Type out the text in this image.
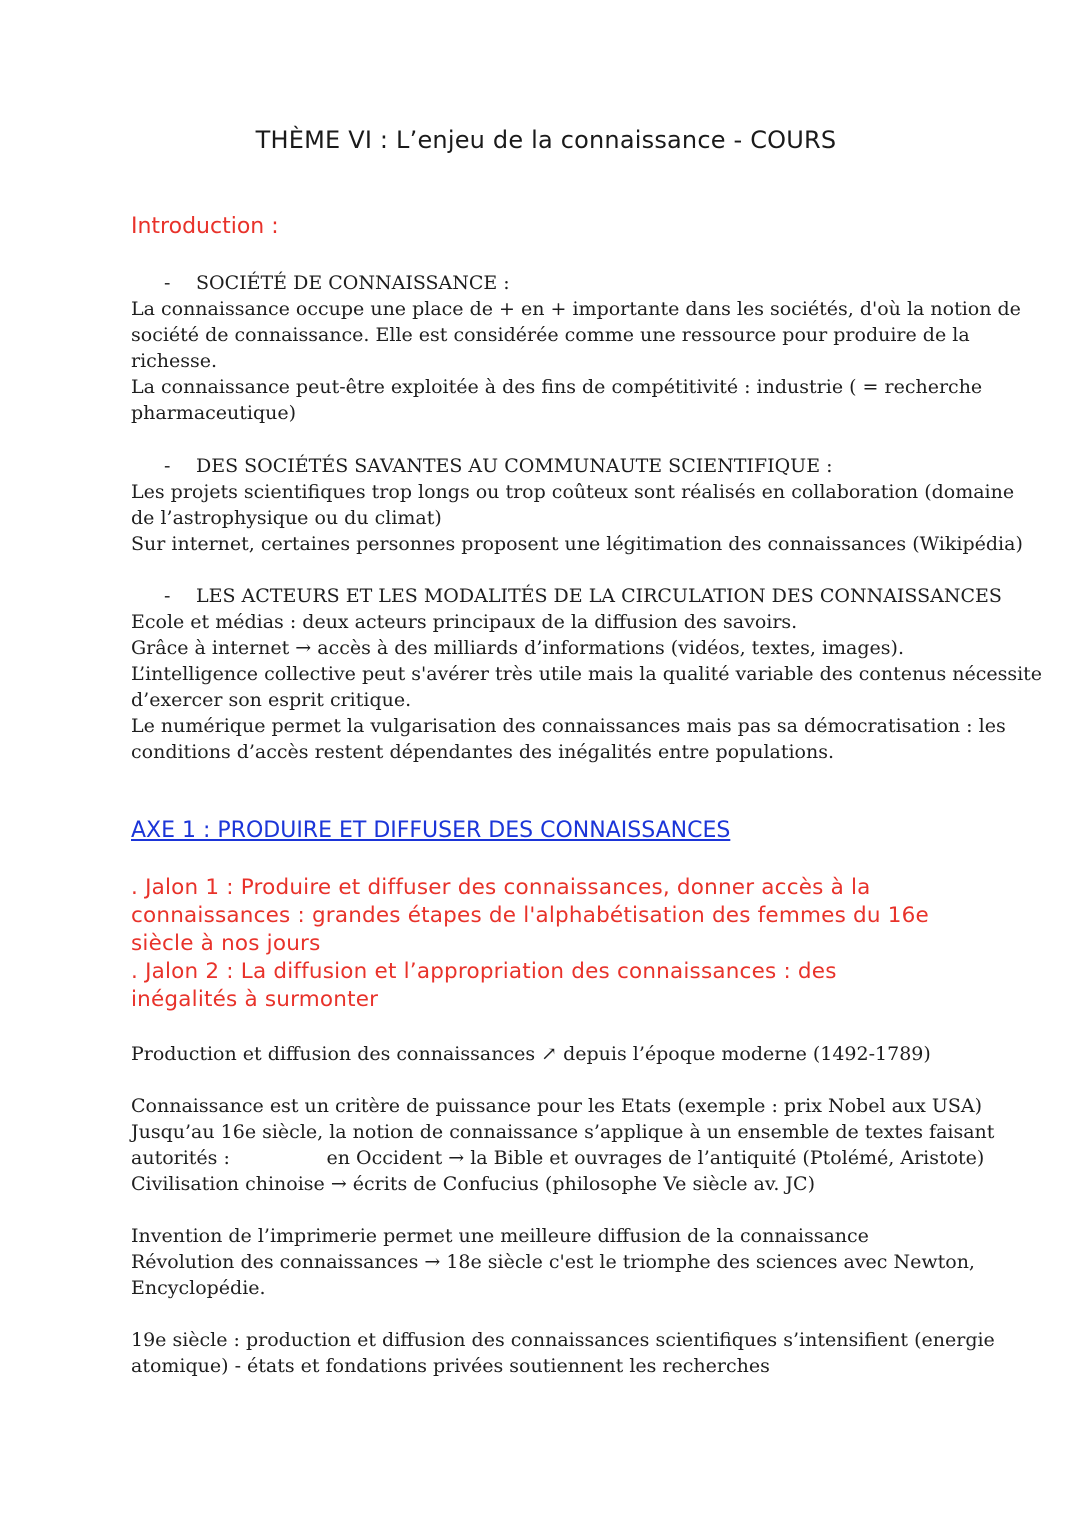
THÈME VI : L’enjeu de la connaissance - COURS
Introduction :
- SOCIÉTÉ DE CONNAISSANCE :

La connaissance occupe une place de + en + importante dans les sociétés, d'où la notion de

société de connaissance. Elle est considérée comme une ressource pour produire de la

richesse.

La connaissance peut-être exploitée à des fins de compétitivité : industrie ( = recherche

pharmaceutique)

- DES SOCIÉTÉS SAVANTES AU COMMUNAUTE SCIENTIFIQUE :

Les projets scientifiques trop longs ou trop coûteux sont réalisés en collaboration (domaine

de l’astrophysique ou du climat)

Sur internet, certaines personnes proposent une légitimation des connaissances (Wikipédia)

- LES ACTEURS ET LES MODALITÉS DE LA CIRCULATION DES CONNAISSANCES

Ecole et médias : deux acteurs principaux de la diffusion des savoirs.

Grâce à internet → accès à des milliards d’informations (vidéos, textes, images).

L’intelligence collective peut s'avérer très utile mais la qualité variable des contenus nécessite

d’exercer son esprit critique.

Le numérique permet la vulgarisation des connaissances mais pas sa démocratisation : les

conditions d’accès restent dépendantes des inégalités entre populations.

AXE 1 : PRODUIRE ET DIFFUSER DES CONNAISSANCES
. Jalon 1 : Produire et diffuser des connaissances, donner accès à la
connaissances : grandes étapes de l'alphabétisation des femmes du 16e
siècle à nos jours
. Jalon 2 : La diffusion et l’appropriation des connaissances : des
inégalités à surmonter

Production et diffusion des connaissances ↗ depuis l’époque moderne (1492-1789)

Connaissance est un critère de puissance pour les Etats (exemple : prix Nobel aux USA)

Jusqu’au 16e siècle, la notion de connaissance s’applique à un ensemble de textes faisant

autorités :                en Occident → la Bible et ouvrages de l’antiquité (Ptolémé, Aristote)

Civilisation chinoise → écrits de Confucius (philosophe Ve siècle av. JC)

Invention de l’imprimerie permet une meilleure diffusion de la connaissance

Révolution des connaissances → 18e siècle c'est le triomphe des sciences avec Newton,

Encyclopédie.

19e siècle : production et diffusion des connaissances scientifiques s’intensifient (energie

atomique) - états et fondations privées soutiennent les recherches
